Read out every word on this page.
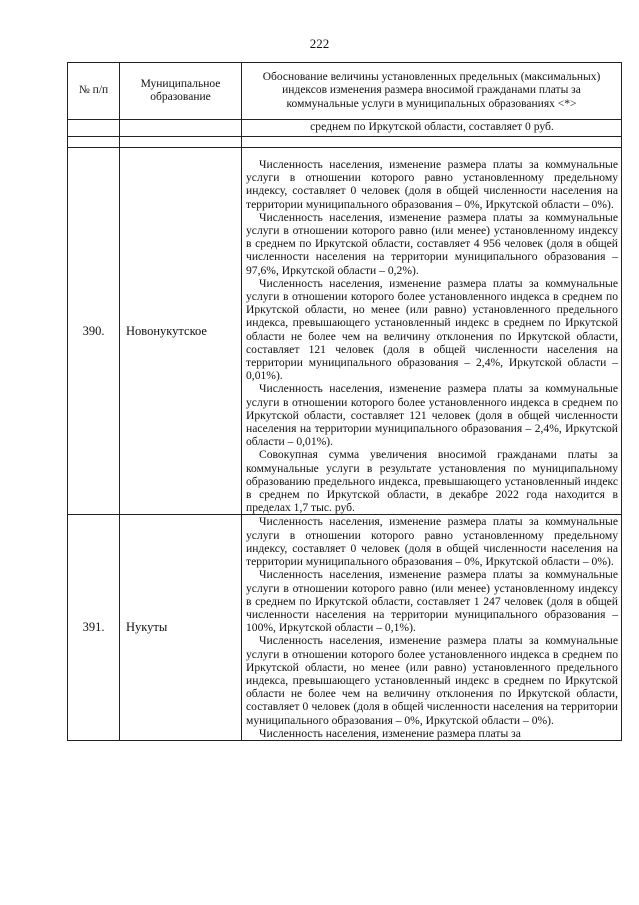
222
№ п/п	Муниципальное образование	Обоснование величины установленных предельных (максимальных) индексов изменения размера вносимой гражданами платы за коммунальные услуги в муниципальных образованиях <*>

		среднем по Иркутской области, составляет 0 руб.

390.	Новонукутское	Численность населения, изменение размера платы за коммунальные услуги в отношении которого равно установленному предельному индексу, составляет 0 человек (доля в общей численности населения на территории муниципального образования – 0%, Иркутской области – 0%).

Численность населения, изменение размера платы за коммунальные услуги в отношении которого равно (или менее) установленному индексу в среднем по Иркутской области, составляет 4 956 человек (доля в общей численности населения на территории муниципального образования – 97,6%, Иркутской области – 0,2%).

Численность населения, изменение размера платы за коммунальные услуги в отношении которого более установленного индекса в среднем по Иркутской области, но менее (или равно) установленного предельного индекса, превышающего установленный индекс в среднем по Иркутской области не более чем на величину отклонения по Иркутской области, составляет 121 человек (доля в общей численности населения на территории муниципального образования – 2,4%, Иркутской области – 0,01%).

Численность населения, изменение размера платы за коммунальные услуги в отношении которого более установленного индекса в среднем по Иркутской области, составляет 121 человек (доля в общей численности населения на территории муниципального образования – 2,4%, Иркутской области – 0,01%).

Совокупная сумма увеличения вносимой гражданами платы за коммунальные услуги в результате установления по муниципальному образованию предельного индекса, превышающего установленный индекс в среднем по Иркутской области, в декабре 2022 года находится в пределах 1,7 тыс. руб.

391.	Нукуты	Численность населения, изменение размера платы за коммунальные услуги в отношении которого равно установленному предельному индексу, составляет 0 человек (доля в общей численности населения на территории муниципального образования – 0%, Иркутской области – 0%).

Численность населения, изменение размера платы за коммунальные услуги в отношении которого равно (или менее) установленному индексу в среднем по Иркутской области, составляет 1 247 человек (доля в общей численности населения на территории муниципального образования – 100%, Иркутской области – 0,1%).

Численность населения, изменение размера платы за коммунальные услуги в отношении которого более установленного индекса в среднем по Иркутской области, но менее (или равно) установленного предельного индекса, превышающего установленный индекс в среднем по Иркутской области не более чем на величину отклонения по Иркутской области, составляет 0 человек (доля в общей численности населения на территории муниципального образования – 0%, Иркутской области – 0%).

Численность населения, изменение размера платы за
